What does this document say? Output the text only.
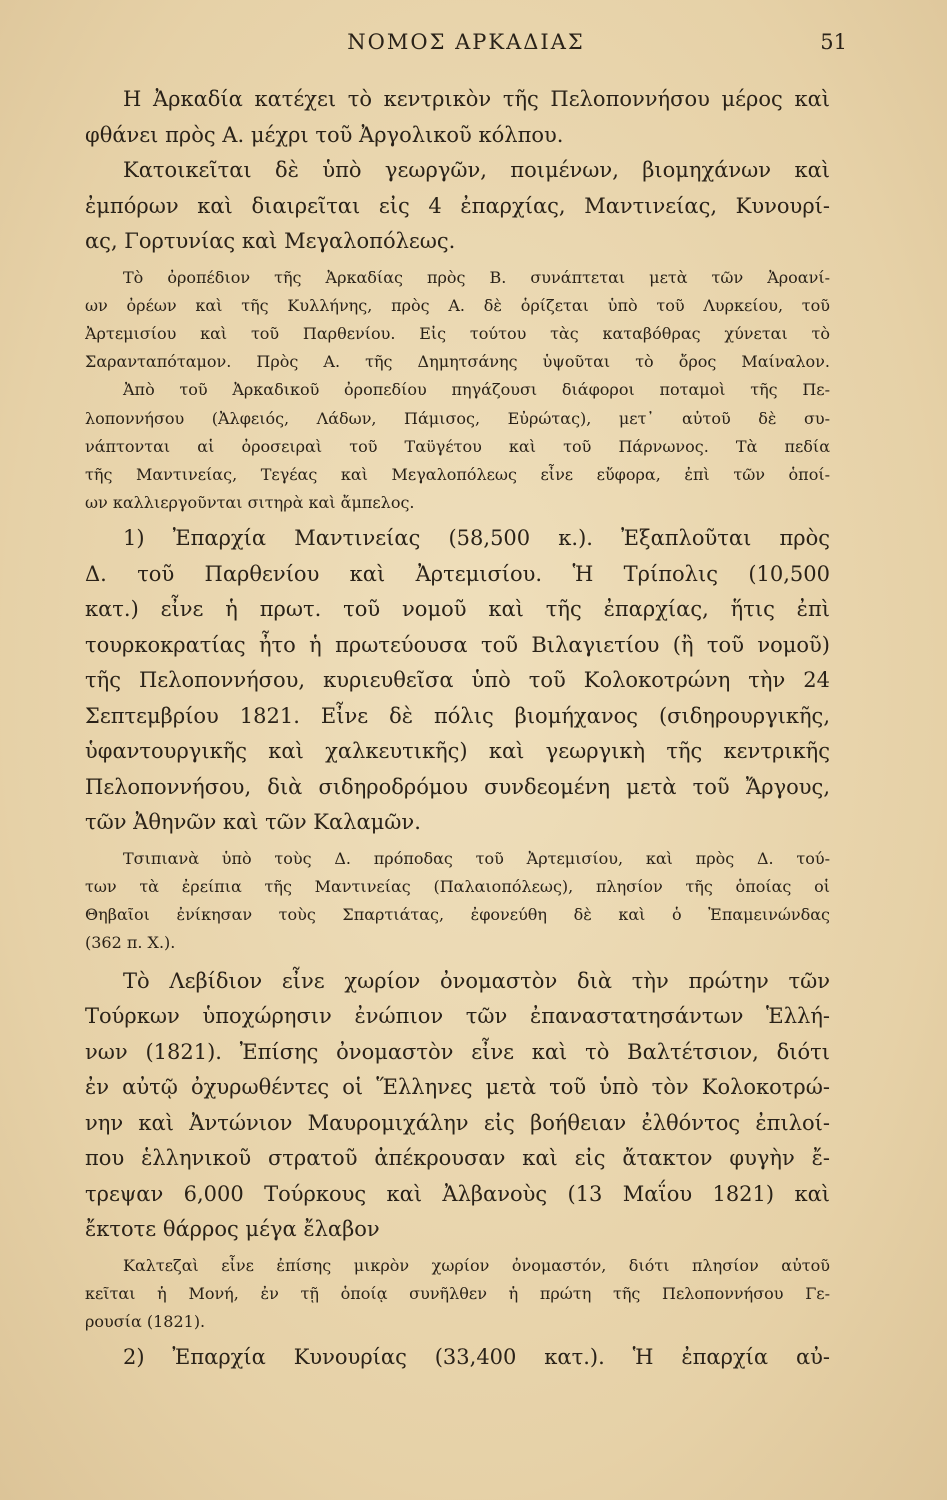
ΝΟΜΟΣ ΑΡΚΑΔΙΑΣ	51
Η Ἀρκαδία κατέχει τὸ κεντρικὸν τῆς Πελοποννήσου μέρος καὶ
φθάνει πρὸς Α. μέχρι τοῦ Ἀργολικοῦ κόλπου.
Κατοικεῖται δὲ ὑπὸ γεωργῶν, ποιμένων, βιομηχάνων καὶ
ἐμπόρων καὶ διαιρεῖται εἰς 4 ἐπαρχίας, Μαντινείας, Κυνουρί-
ας, Γορτυνίας καὶ Μεγαλοπόλεως.
Τὸ ὀροπέδιον τῆς Ἀρκαδίας πρὸς Β. συνάπτεται μετὰ τῶν Ἀροανί-
ων ὀρέων καὶ τῆς Κυλλήνης, πρὸς Α. δὲ ὁρίζεται ὑπὸ τοῦ Λυρκείου, τοῦ
Ἀρτεμισίου καὶ τοῦ Παρθενίου. Εἰς τούτου τὰς καταβόθρας χύνεται τὸ
Σαρανταπόταμον. Πρὸς Α. τῆς Δημητσάνης ὑψοῦται τὸ ὄρος Μαίναλον.
Ἀπὸ τοῦ Ἀρκαδικοῦ ὀροπεδίου πηγάζουσι διάφοροι ποταμοὶ τῆς Πε-
λοποννήσου (Ἀλφειός, Λάδων, Πάμισος, Εὐρώτας), μετ᾿ αὐτοῦ δὲ συ-
νάπτονται αἱ ὀροσειραὶ τοῦ Ταϋγέτου καὶ τοῦ Πάρνωνος. Τὰ πεδία
τῆς Μαντινείας, Τεγέας καὶ Μεγαλοπόλεως εἶνε εὔφορα, ἐπὶ τῶν ὁποί-
ων καλλιεργοῦνται σιτηρὰ καὶ ἄμπελος.
1) Ἐπαρχία Μαντινείας (58,500 κ.). Ἐξαπλοῦται πρὸς
Δ. τοῦ Παρθενίου καὶ Ἀρτεμισίου. Ἡ Τρίπολις (10,500
κατ.) εἶνε ἡ πρωτ. τοῦ νομοῦ καὶ τῆς ἐπαρχίας, ἥτις ἐπὶ
τουρκοκρατίας ἦτο ἡ πρωτεύουσα τοῦ Βιλαγιετίου (ἢ τοῦ νομοῦ)
τῆς Πελοποννήσου, κυριευθεῖσα ὑπὸ τοῦ Κολοκοτρώνη τὴν 24
Σεπτεμβρίου 1821. Εἶνε δὲ πόλις βιομήχανος (σιδηρουργικῆς,
ὑφαντουργικῆς καὶ χαλκευτικῆς) καὶ γεωργικὴ τῆς κεντρικῆς
Πελοποννήσου, διὰ σιδηροδρόμου συνδεομένη μετὰ τοῦ Ἄργους,
τῶν Ἀθηνῶν καὶ τῶν Καλαμῶν.
Τσιπιανὰ ὑπὸ τοὺς Δ. πρόποδας τοῦ Ἀρτεμισίου, καὶ πρὸς Δ. τού-
των τὰ ἐρείπια τῆς Μαντινείας (Παλαιοπόλεως), πλησίον τῆς ὁποίας οἱ
Θηβαῖοι ἐνίκησαν τοὺς Σπαρτιάτας, ἐφονεύθη δὲ καὶ ὁ Ἐπαμεινώνδας
(362 π. Χ.).
Τὸ Λεβίδιον εἶνε χωρίον ὀνομαστὸν διὰ τὴν πρώτην τῶν
Τούρκων ὑποχώρησιν ἐνώπιον τῶν ἐπαναστατησάντων Ἑλλή-
νων (1821). Ἐπίσης ὀνομαστὸν εἶνε καὶ τὸ Βαλτέτσιον, διότι
ἐν αὐτῷ ὀχυρωθέντες οἱ Ἕλληνες μετὰ τοῦ ὑπὸ τὸν Κολοκοτρώ-
νην καὶ Ἀντώνιον Μαυρομιχάλην εἰς βοήθειαν ἐλθόντος ἐπιλοί-
που ἑλληνικοῦ στρατοῦ ἀπέκρουσαν καὶ εἰς ἄτακτον φυγὴν ἔ-
τρεψαν 6,000 Τούρκους καὶ Ἀλβανοὺς (13 Μαΐου 1821) καὶ
ἔκτοτε θάρρος μέγα ἔλαβον
Καλτεζαὶ εἶνε ἐπίσης μικρὸν χωρίον ὀνομαστόν, διότι πλησίον αὐτοῦ
κεῖται ἡ Μονή, ἐν τῇ ὁποίᾳ συνῆλθεν ἡ πρώτη τῆς Πελοποννήσου Γε-
ρουσία (1821).
2) Ἐπαρχία Κυνουρίας (33,400 κατ.). Ἡ ἐπαρχία αὐ-
